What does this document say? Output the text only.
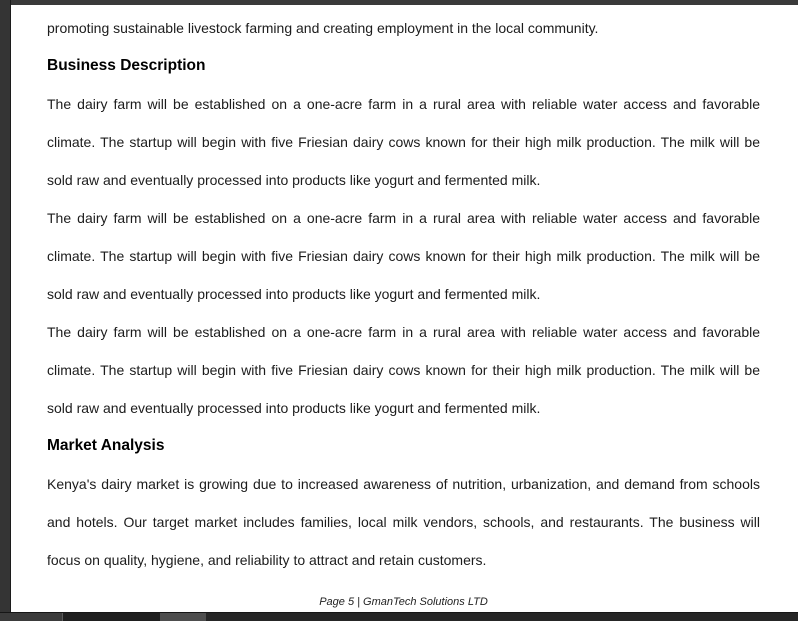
promoting sustainable livestock farming and creating employment in the local community.

Business Description

The dairy farm will be established on a one-acre farm in a rural area with reliable water access and favorable climate. The startup will begin with five Friesian dairy cows known for their high milk production. The milk will be sold raw and eventually processed into products like yogurt and fermented milk.

The dairy farm will be established on a one-acre farm in a rural area with reliable water access and favorable climate. The startup will begin with five Friesian dairy cows known for their high milk production. The milk will be sold raw and eventually processed into products like yogurt and fermented milk.

The dairy farm will be established on a one-acre farm in a rural area with reliable water access and favorable climate. The startup will begin with five Friesian dairy cows known for their high milk production. The milk will be sold raw and eventually processed into products like yogurt and fermented milk.

Market Analysis

Kenya's dairy market is growing due to increased awareness of nutrition, urbanization, and demand from schools and hotels. Our target market includes families, local milk vendors, schools, and restaurants. The business will focus on quality, hygiene, and reliability to attract and retain customers.

Page 5 | GmanTech Solutions LTD
